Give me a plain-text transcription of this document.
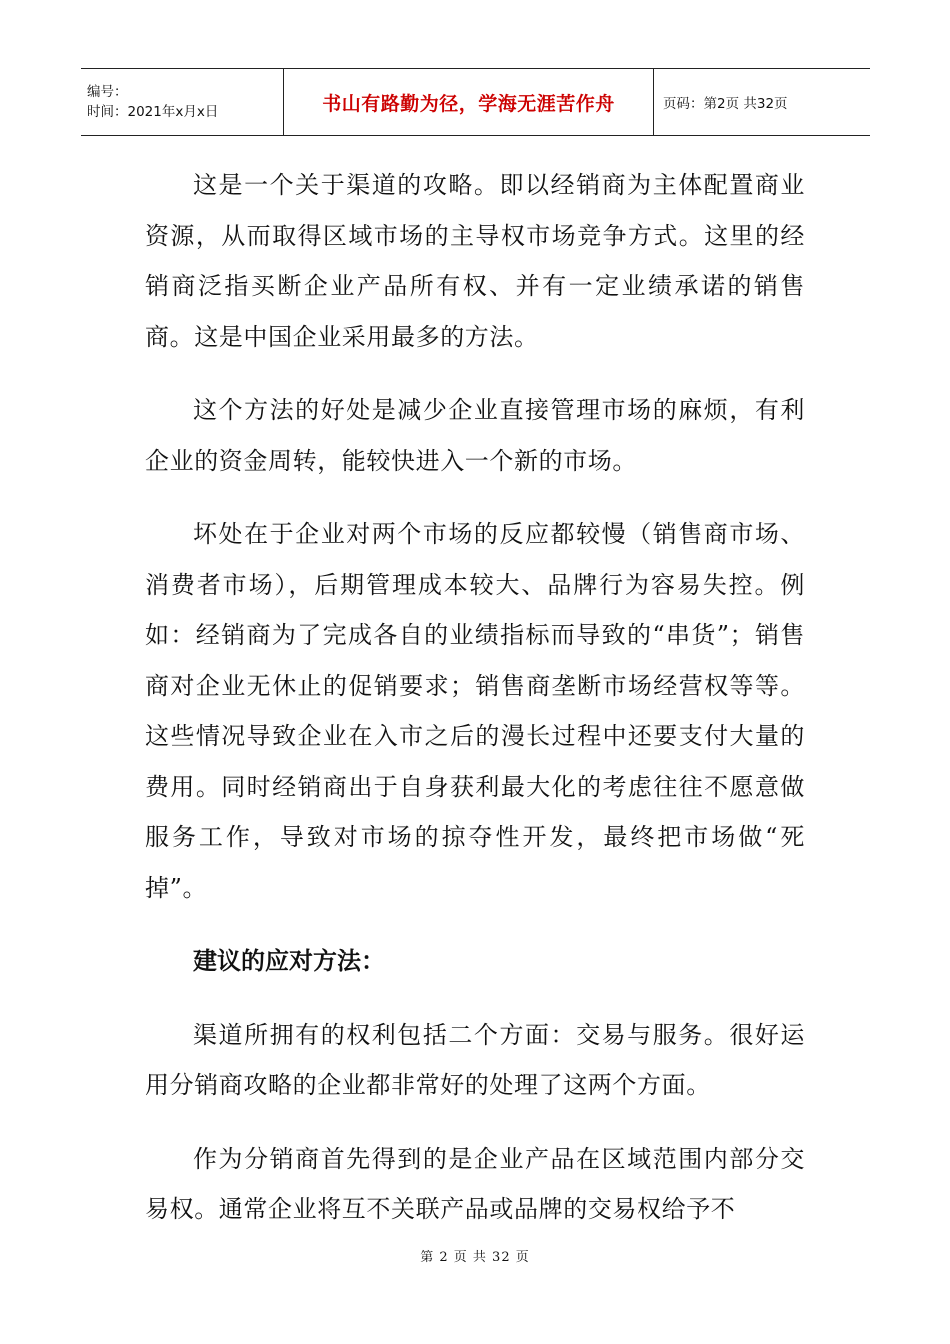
编号：
时间：2021年x月x日	书山有路勤为径，学海无涯苦作舟	页码：第2页 共32页

这是一个关于渠道的攻略。即以经销商为主体配置商业资源，从而取得区域市场的主导权市场竞争方式。这里的经销商泛指买断企业产品所有权、并有一定业绩承诺的销售商。这是中国企业采用最多的方法。

这个方法的好处是减少企业直接管理市场的麻烦，有利企业的资金周转，能较快进入一个新的市场。

坏处在于企业对两个市场的反应都较慢（销售商市场、消费者市场），后期管理成本较大、品牌行为容易失控。例如：经销商为了完成各自的业绩指标而导致的“串货”；销售商对企业无休止的促销要求；销售商垄断市场经营权等等。这些情况导致企业在入市之后的漫长过程中还要支付大量的费用。同时经销商出于自身获利最大化的考虑往往不愿意做服务工作，导致对市场的掠夺性开发，最终把市场做“死掉”。

建议的应对方法：

渠道所拥有的权利包括二个方面：交易与服务。很好运用分销商攻略的企业都非常好的处理了这两个方面。

作为分销商首先得到的是企业产品在区域范围内部分交易权。通常企业将互不关联产品或品牌的交易权给予不

第 2 页 共 32 页
